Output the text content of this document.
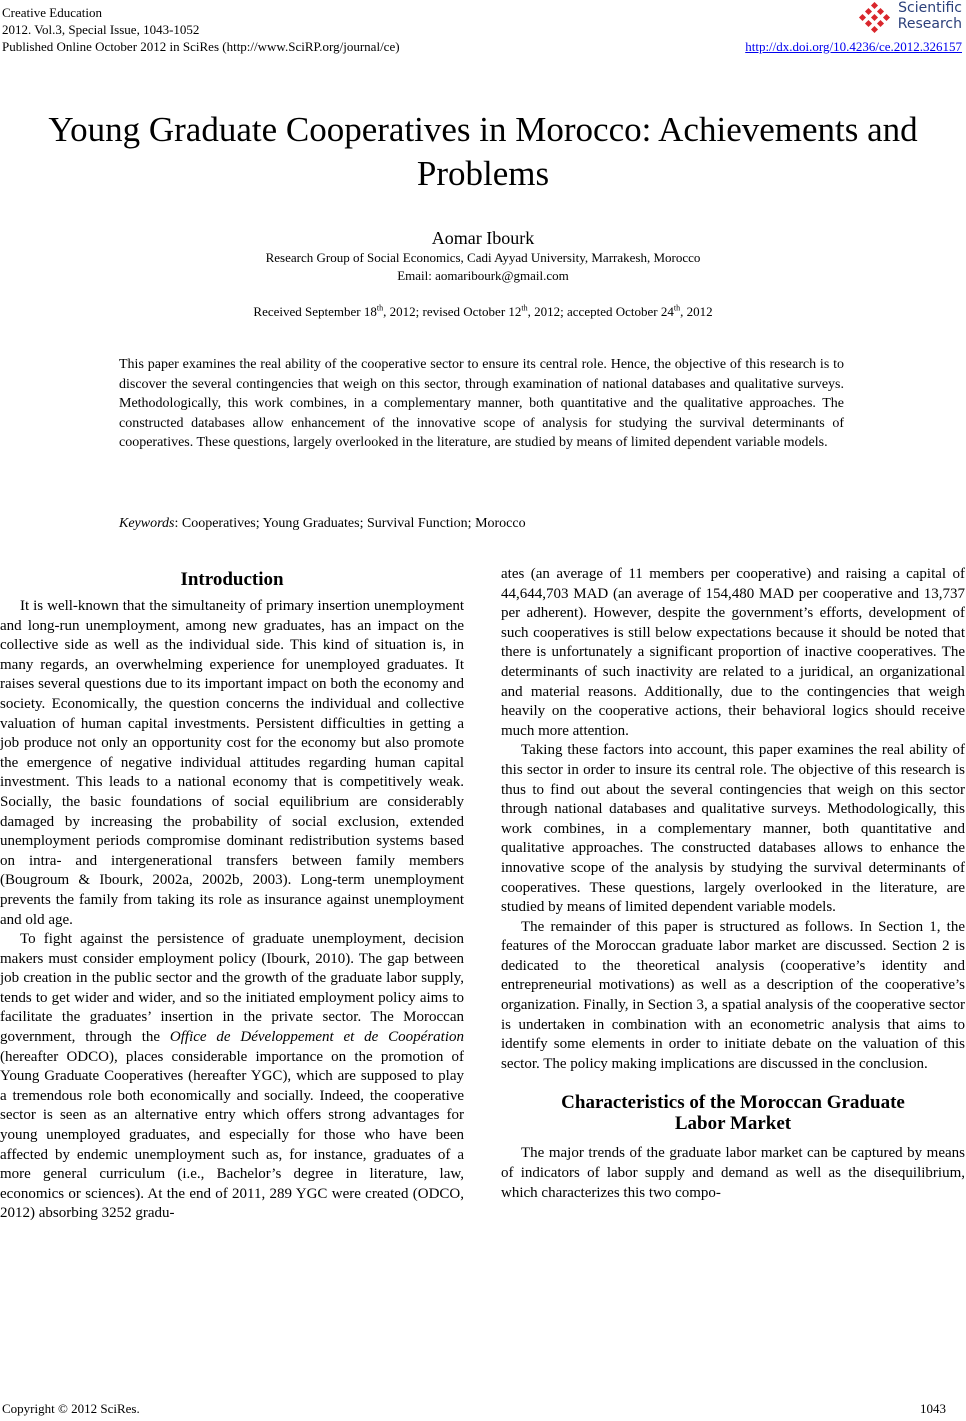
Creative Education
2012. Vol.3, Special Issue, 1043-1052
Published Online October 2012 in SciRes (http://www.SciRP.org/journal/ce)
Scientific
Research
http://dx.doi.org/10.4236/ce.2012.326157
Young Graduate Cooperatives in Morocco: Achievements and Problems
Aomar Ibourk
Research Group of Social Economics, Cadi Ayyad University, Marrakesh, Morocco
Email: aomaribourk@gmail.com
Received September 18th, 2012; revised October 12th, 2012; accepted October 24th, 2012
This paper examines the real ability of the cooperative sector to ensure its central role. Hence, the objective of this research is to discover the several contingencies that weigh on this sector, through examination of national databases and qualitative surveys. Methodologically, this work combines, in a complementary manner, both quantitative and the qualitative approaches. The constructed databases allow enhancement of the innovative scope of analysis for studying the survival determinants of cooperatives. These questions, largely overlooked in the literature, are studied by means of limited dependent variable models.
Keywords: Cooperatives; Young Graduates; Survival Function; Morocco
Introduction

It is well-known that the simultaneity of primary insertion unemployment and long-run unemployment, among new graduates, has an impact on the collective side as well as the individual side. This kind of situation is, in many regards, an overwhelming experience for unemployed graduates. It raises several questions due to its important impact on both the economy and society. Economically, the question concerns the individual and collective valuation of human capital investments. Persistent difficulties in getting a job produce not only an opportunity cost for the economy but also promote the emergence of negative individual attitudes regarding human capital investment. This leads to a national economy that is competitively weak. Socially, the basic foundations of social equilibrium are considerably damaged by increasing the probability of social exclusion, extended unemployment periods compromise dominant redistribution systems based on intra- and intergenerational transfers between family members (Bougroum & Ibourk, 2002a, 2002b, 2003). Long-term unemployment prevents the family from taking its role as insurance against unemployment and old age.

To fight against the persistence of graduate unemployment, decision makers must consider employment policy (Ibourk, 2010). The gap between job creation in the public sector and the growth of the graduate labor supply, tends to get wider and wider, and so the initiated employment policy aims to facilitate the graduates’ insertion in the private sector. The Moroccan government, through the Office de Développement et de Coopération (hereafter ODCO), places considerable importance on the promotion of Young Graduate Cooperatives (hereafter YGC), which are supposed to play a tremendous role both economically and socially. Indeed, the cooperative sector is seen as an alternative entry which offers strong advantages for young unemployed graduates, and especially for those who have been affected by endemic unemployment such as, for instance, graduates of a more general curriculum (i.e., Bachelor’s degree in literature, law, economics or sciences). At the end of 2011, 289 YGC were created (ODCO, 2012) absorbing 3252 gradu-

ates (an average of 11 members per cooperative) and raising a capital of 44,644,703 MAD (an average of 154,480 MAD per cooperative and 13,737 per adherent). However, despite the government’s efforts, development of such cooperatives is still below expectations because it should be noted that there is unfortunately a significant proportion of inactive cooperatives. The determinants of such inactivity are related to a juridical, an organizational and material reasons. Additionally, due to the contingencies that weigh heavily on the cooperative actions, their behavioral logics should receive much more attention.

Taking these factors into account, this paper examines the real ability of this sector in order to insure its central role. The objective of this research is thus to find out about the several contingencies that weigh on this sector through national databases and qualitative surveys. Methodologically, this work combines, in a complementary manner, both quantitative and qualitative approaches. The constructed databases allows to enhance the innovative scope of the analysis by studying the survival determinants of cooperatives. These questions, largely overlooked in the literature, are studied by means of limited dependent variable models.

The remainder of this paper is structured as follows. In Section 1, the features of the Moroccan graduate labor market are discussed. Section 2 is dedicated to the theoretical analysis (cooperative’s identity and entrepreneurial motivations) as well as a description of the cooperative’s organization. Finally, in Section 3, a spatial analysis of the cooperative sector is undertaken in combination with an econometric analysis that aims to identify some elements in order to initiate debate on the valuation of this sector. The policy making implications are discussed in the conclusion.

Characteristics of the Moroccan Graduate
Labor Market

The major trends of the graduate labor market can be captured by means of indicators of labor supply and demand as well as the disequilibrium, which characterizes this two compo-

Copyright © 2012 SciRes.	1043
